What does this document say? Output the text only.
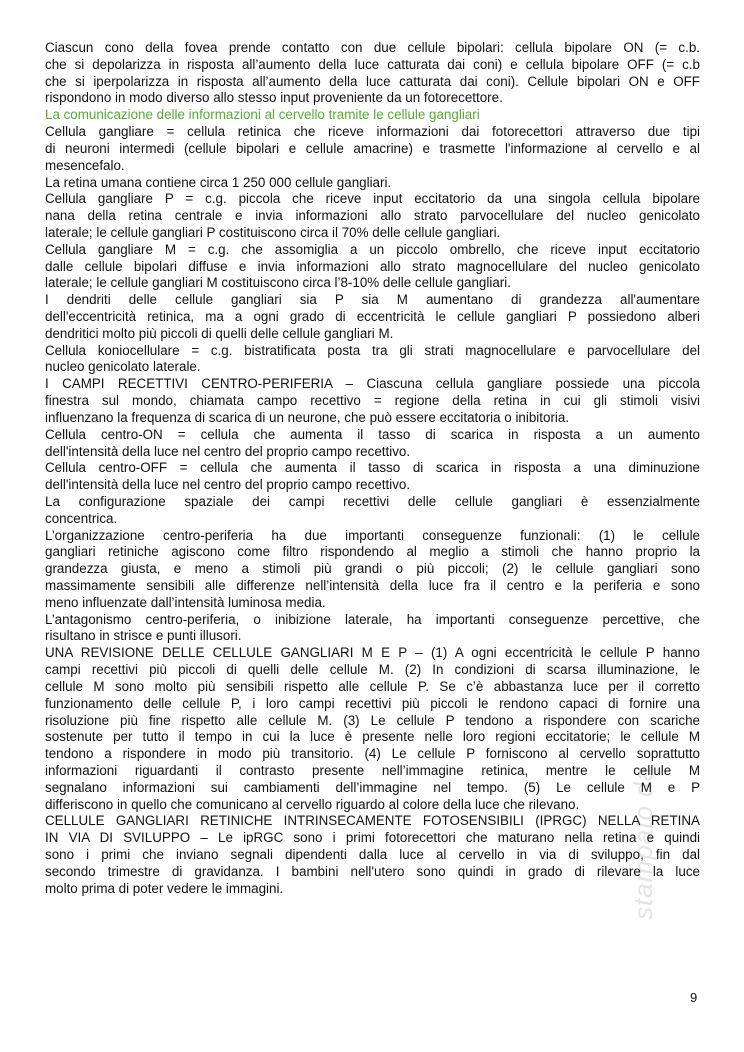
stampato da
Ciascun cono della fovea prende contatto con due cellule bipolari: cellula bipolare ON (= c.b.
che si depolarizza in risposta all’aumento della luce catturata dai coni) e cellula bipolare OFF (= c.b
che si iperpolarizza in risposta all’aumento della luce catturata dai coni). Cellule bipolari ON e OFF
rispondono in modo diverso allo stesso input proveniente da un fotorecettore.
La comunicazione delle informazioni al cervello tramite le cellule gangliari
Cellula gangliare = cellula retinica che riceve informazioni dai fotorecettori attraverso due tipi
di neuroni intermedi (cellule bipolari e cellule amacrine) e trasmette l'informazione al cervello e al
mesencefalo.
La retina umana contiene circa 1 250 000 cellule gangliari.
Cellula gangliare P = c.g. piccola che riceve input eccitatorio da una singola cellula bipolare
nana della retina centrale e invia informazioni allo strato parvocellulare del nucleo genicolato
laterale; le cellule gangliari P costituiscono circa il 70% delle cellule gangliari.
Cellula gangliare M = c.g. che assomiglia a un piccolo ombrello, che riceve input eccitatorio
dalle cellule bipolari diffuse e invia informazioni allo strato magnocellulare del nucleo genicolato
laterale; le cellule gangliari M costituiscono circa l’8-10% delle cellule gangliari.
I dendriti delle cellule gangliari sia P sia M aumentano di grandezza all'aumentare
dell'eccentricità retinica, ma a ogni grado di eccentricità le cellule gangliari P possiedono alberi
dendritici molto più piccoli di quelli delle cellule gangliari M.
Cellula koniocellulare = c.g. bistratificata posta tra gli strati magnocellulare e parvocellulare del
nucleo genicolato laterale.
I CAMPI RECETTIVI CENTRO-PERIFERIA – Ciascuna cellula gangliare possiede una piccola
finestra sul mondo, chiamata campo recettivo = regione della retina in cui gli stimoli visivi
influenzano la frequenza di scarica di un neurone, che può essere eccitatoria o inibitoria.
Cellula centro-ON = cellula che aumenta il tasso di scarica in risposta a un aumento
dell'intensità della luce nel centro del proprio campo recettivo.
Cellula centro-OFF = cellula che aumenta il tasso di scarica in risposta a una diminuzione
dell'intensità della luce nel centro del proprio campo recettivo.
La configurazione spaziale dei campi recettivi delle cellule gangliari è essenzialmente
concentrica.
L’organizzazione centro-periferia ha due importanti conseguenze funzionali: (1) le cellule
gangliari retiniche agiscono come filtro rispondendo al meglio a stimoli che hanno proprio la
grandezza giusta, e meno a stimoli più grandi o più piccoli; (2) le cellule gangliari sono
massimamente sensibili alle differenze nell’intensità della luce fra il centro e la periferia e sono
meno influenzate dall’intensità luminosa media.
L’antagonismo centro-periferia, o inibizione laterale, ha importanti conseguenze percettive, che
risultano in strisce e punti illusori.
UNA REVISIONE DELLE CELLULE GANGLIARI M E P – (1) A ogni eccentricità le cellule P hanno
campi recettivi più piccoli di quelli delle cellule M. (2) In condizioni di scarsa illuminazione, le
cellule M sono molto più sensibili rispetto alle cellule P. Se c’è abbastanza luce per il corretto
funzionamento delle cellule P, i loro campi recettivi più piccoli le rendono capaci di fornire una
risoluzione più fine rispetto alle cellule M. (3) Le cellule P tendono a rispondere con scariche
sostenute per tutto il tempo in cui la luce è presente nelle loro regioni eccitatorie; le cellule M
tendono a rispondere in modo più transitorio. (4) Le cellule P forniscono al cervello soprattutto
informazioni riguardanti il contrasto presente nell’immagine retinica, mentre le cellule M
segnalano informazioni sui cambiamenti dell’immagine nel tempo. (5) Le cellule M e P
differiscono in quello che comunicano al cervello riguardo al colore della luce che rilevano.
CELLULE GANGLIARI RETINICHE INTRINSECAMENTE FOTOSENSIBILI (IPRGC) NELLA RETINA
IN VIA DI SVILUPPO – Le ipRGC sono i primi fotorecettori che maturano nella retina e quindi
sono i primi che inviano segnali dipendenti dalla luce al cervello in via di sviluppo, fin dal
secondo trimestre di gravidanza. I bambini nell'utero sono quindi in grado di rilevare la luce
molto prima di poter vedere le immagini.
9
